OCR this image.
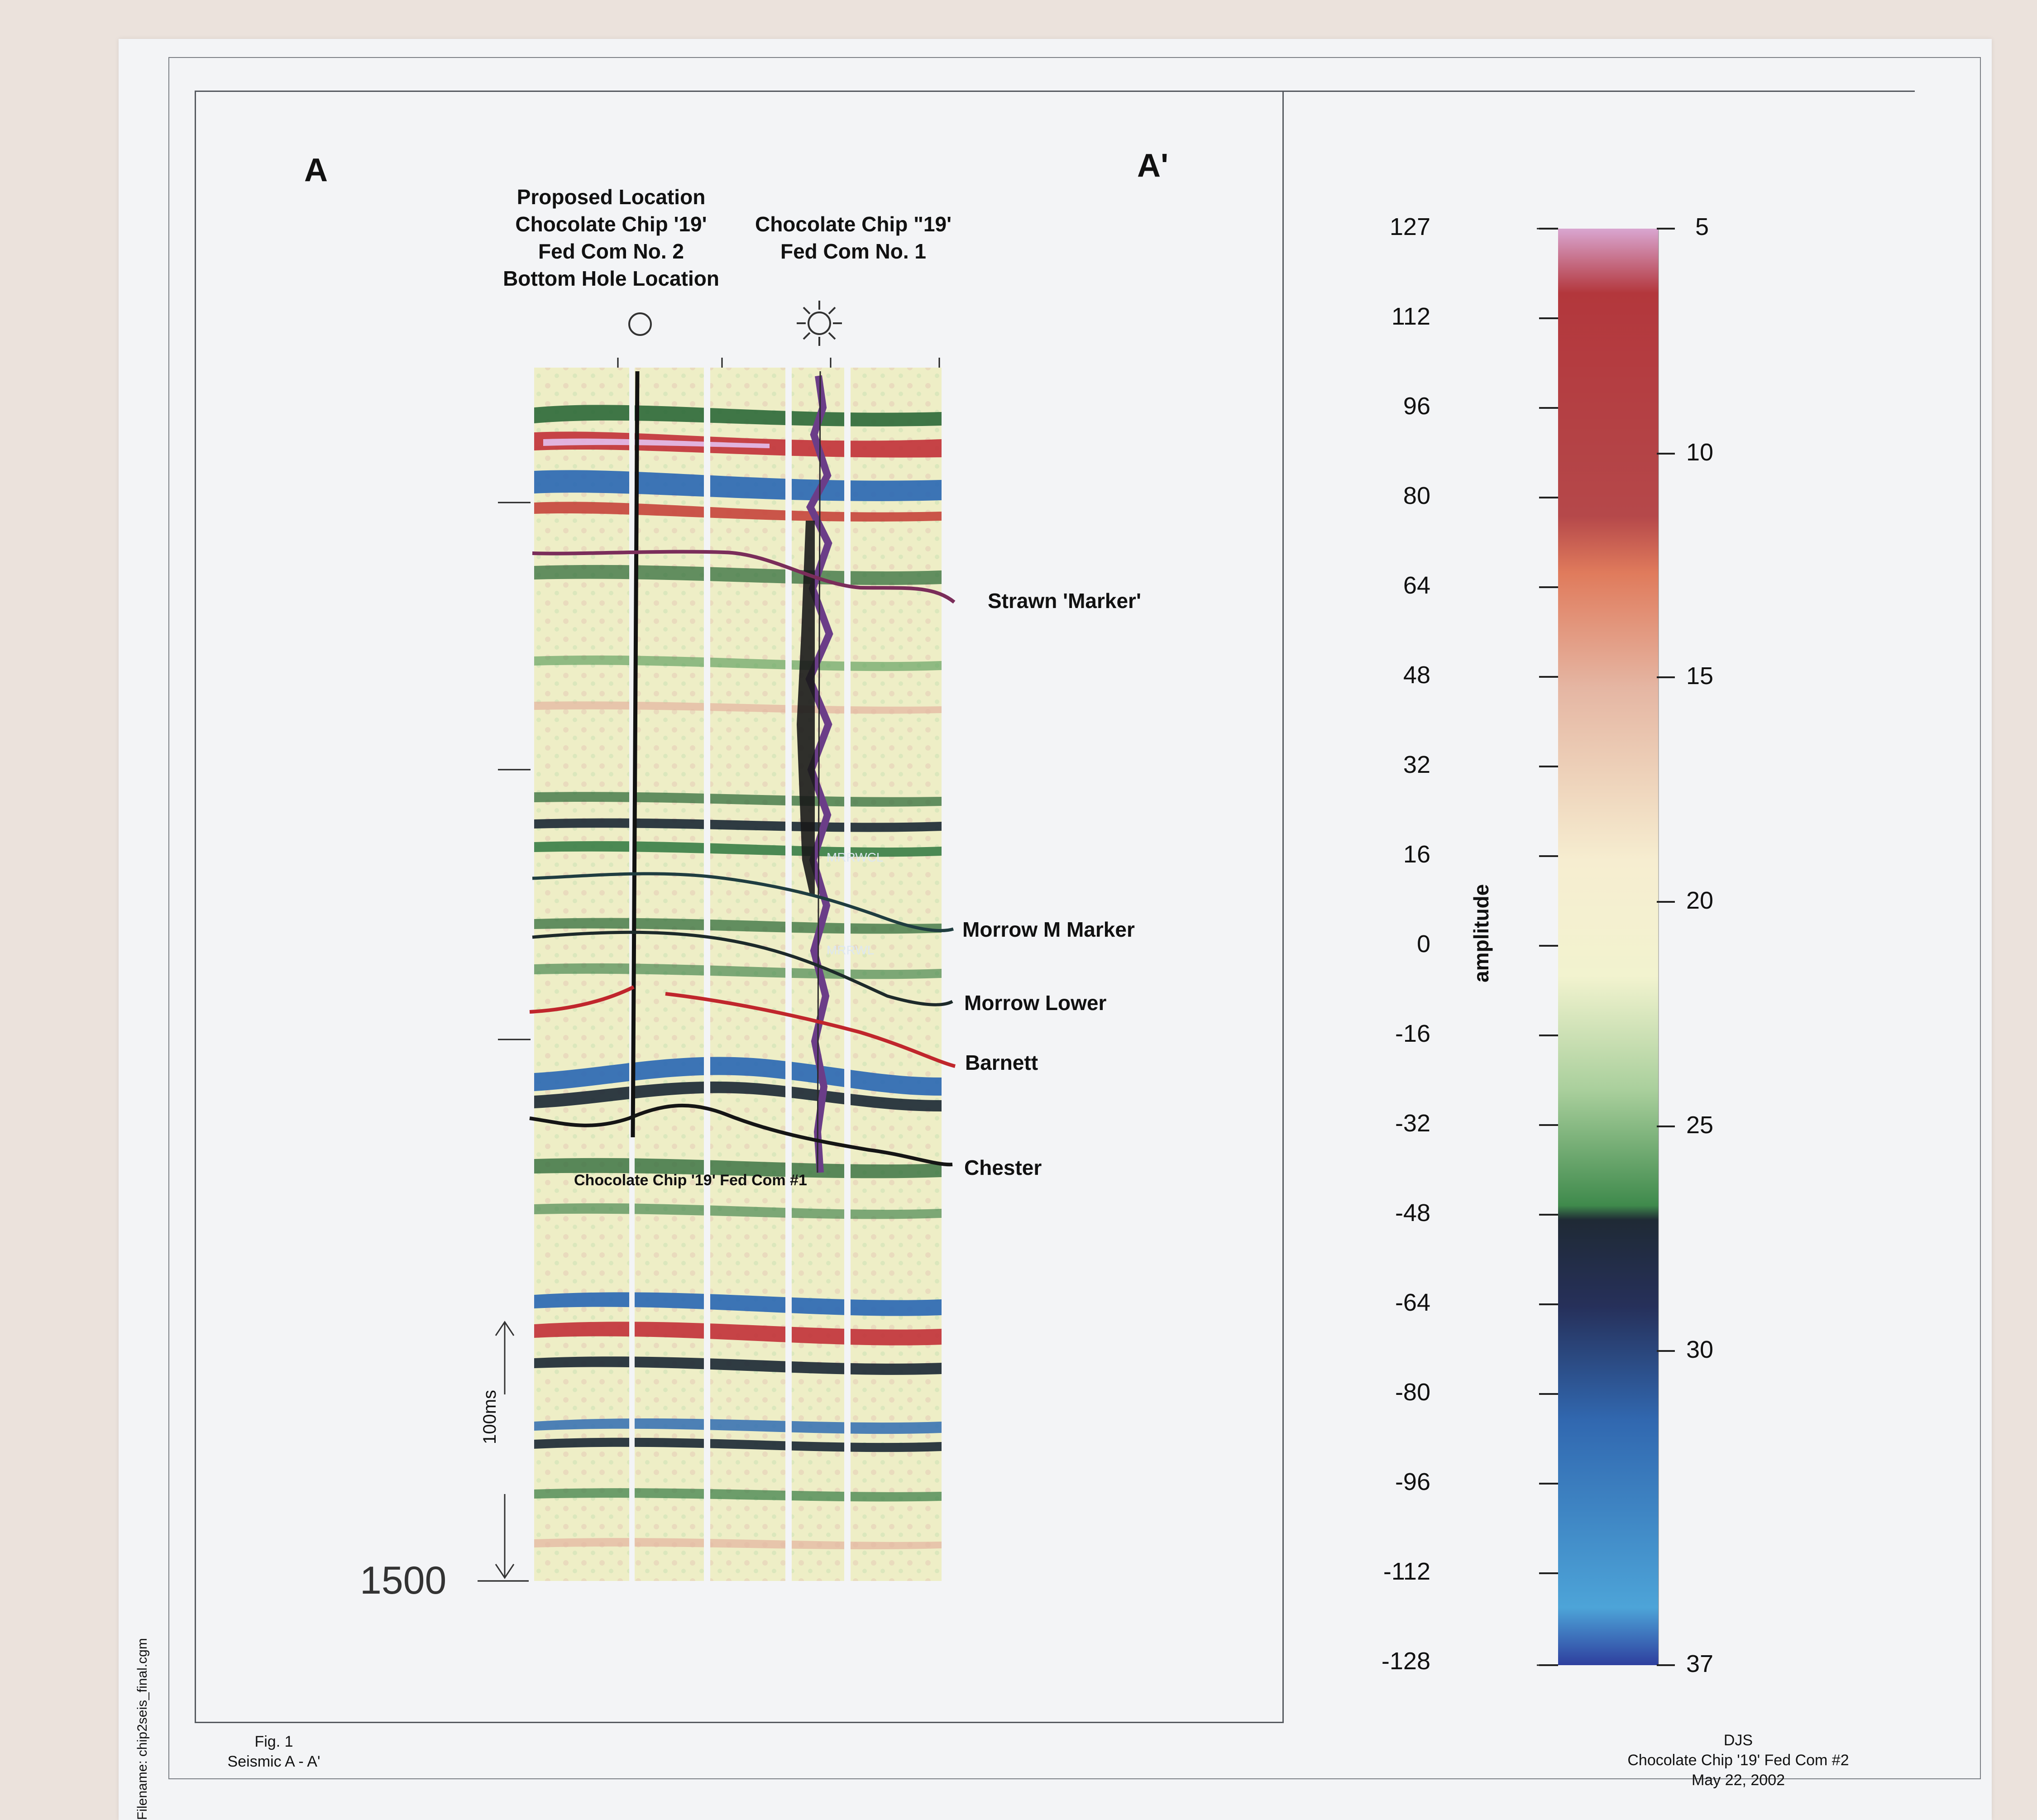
A	A'
Proposed Location
Chocolate Chip '19'
Fed Com No. 2
Bottom Hole Location
Chocolate Chip "19'
Fed Com No. 1
Strawn 'Marker'
Morrow M Marker
Morrow Lower
Barnett
Chester
MRRWCL
MRRWL
Chocolate Chip '19' Fed Com #1
100ms
1500
127
112
96
80
64
48
32
16
0
-16
-32
-48
-64
-80
-96
-112
-128
amplitude
5
10
15
20
25
30
37
Fig. 1
Seismic A - A'
Filename: chip2seis_final.cgm	DJS
Chocolate Chip '19' Fed Com #2
May 22, 2002
